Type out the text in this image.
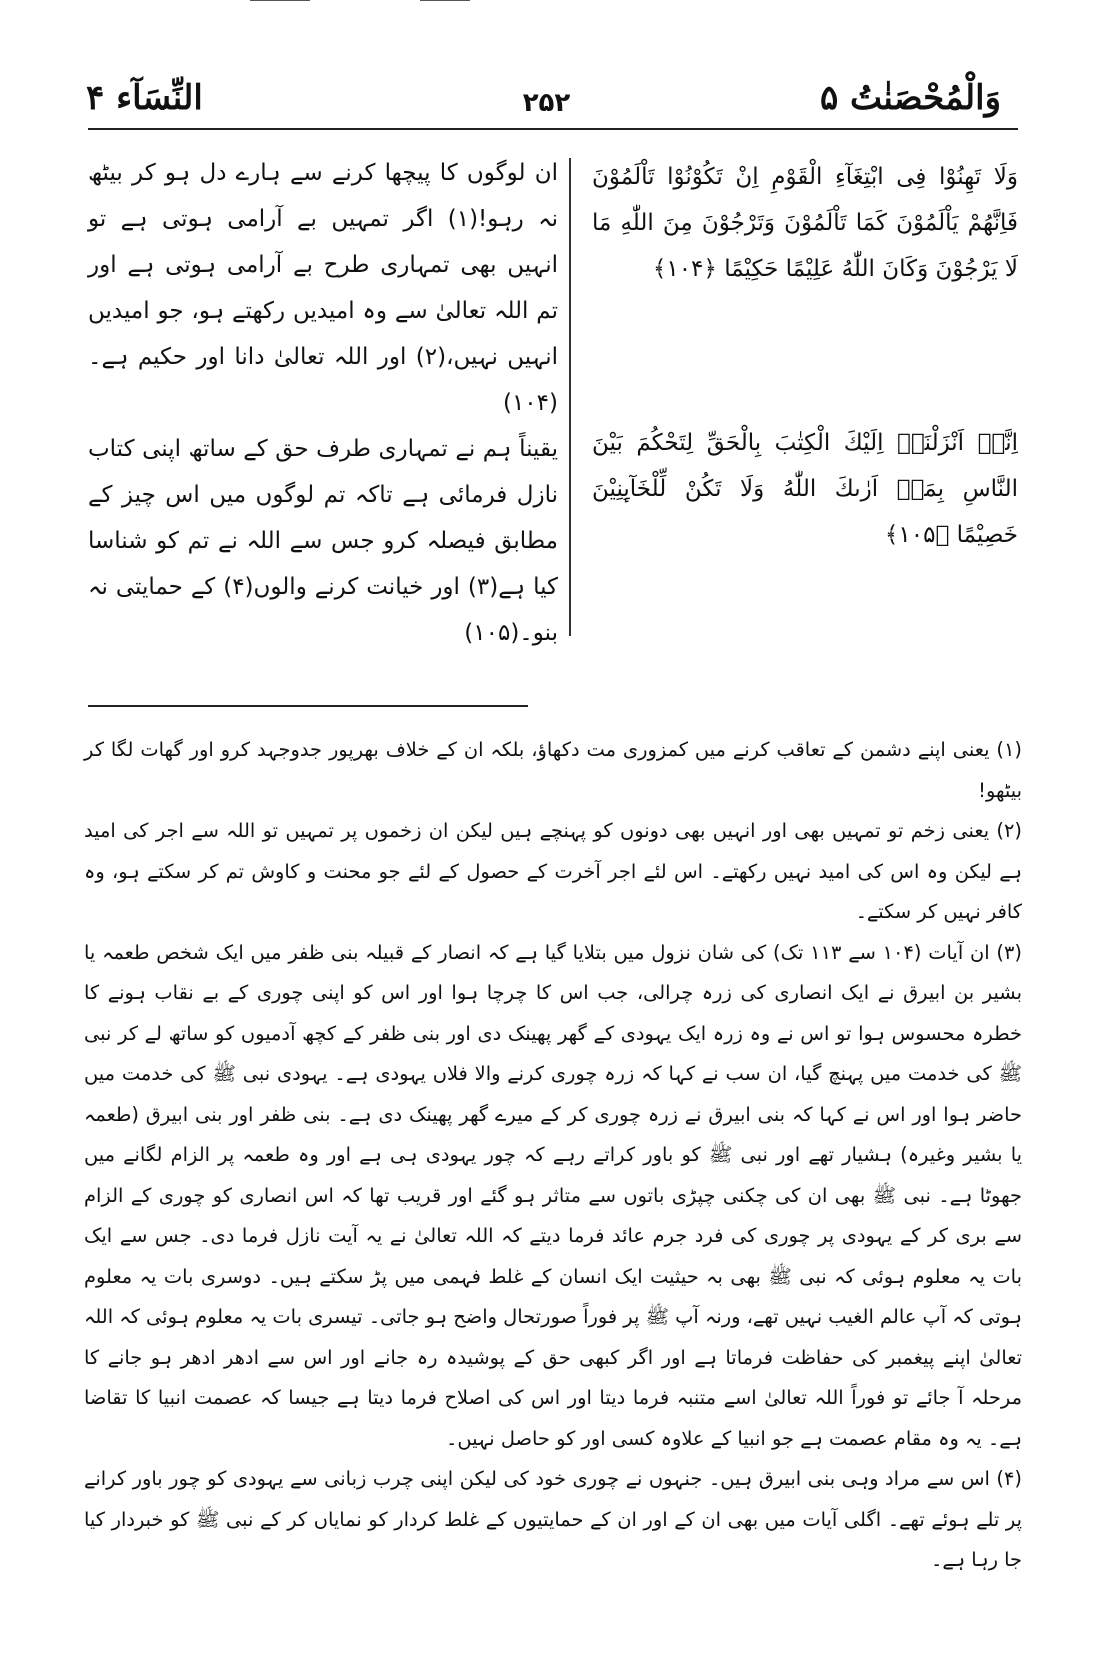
وَالْمُحْصَنٰتُ ۵
۲۵۲
النِّسَآء ۴
وَلَا تَهِنُوْا فِی ابْتِغَآءِ الْقَوْمِ اِنْ تَكُوْنُوْا تَاْلَمُوْنَ فَاِنَّهُمْ یَاْلَمُوْنَ كَمَا تَاْلَمُوْنَ وَتَرْجُوْنَ مِنَ اللّٰهِ مَا لَا یَرْجُوْنَ وَكَانَ اللّٰهُ عَلِیْمًا حَكِیْمًا ﴿۱۰۴﴾
اِنَّاۤ اَنْزَلْنَاۤ اِلَیْكَ الْكِتٰبَ بِالْحَقِّ لِتَحْكُمَ بَیْنَ النَّاسِ بِمَاۤ اَرٰىكَ اللّٰهُ وَلَا تَكُنْ لِّلْخَآىِٕنِیْنَ خَصِیْمًا ﴿۱۰۵﴾

ان لوگوں کا پیچھا کرنے سے ہارے دل ہو کر بیٹھ نہ رہو!(۱) اگر تمہیں بے آرامی ہوتی ہے تو انہیں بھی تمہاری طرح بے آرامی ہوتی ہے اور تم اللہ تعالیٰ سے وہ امیدیں رکھتے ہو، جو امیدیں انہیں نہیں،(۲) اور اللہ تعالیٰ دانا اور حکیم ہے۔(۱۰۴)

یقیناً ہم نے تمہاری طرف حق کے ساتھ اپنی کتاب نازل فرمائی ہے تاکہ تم لوگوں میں اس چیز کے مطابق فیصلہ کرو جس سے اللہ نے تم کو شناسا کیا ہے(۳) اور خیانت کرنے والوں(۴) کے حمایتی نہ بنو۔(۱۰۵)

(۱) یعنی اپنے دشمن کے تعاقب کرنے میں کمزوری مت دکھاؤ، بلکہ ان کے خلاف بھرپور جدوجہد کرو اور گھات لگا کر بیٹھو!

(۲) یعنی زخم تو تمہیں بھی اور انہیں بھی دونوں کو پہنچے ہیں لیکن ان زخموں پر تمہیں تو اللہ سے اجر کی امید ہے لیکن وہ اس کی امید نہیں رکھتے۔ اس لئے اجر آخرت کے حصول کے لئے جو محنت و کاوش تم کر سکتے ہو، وہ کافر نہیں کر سکتے۔

(۳) ان آیات (۱۰۴ سے ۱۱۳ تک) کی شان نزول میں بتلایا گیا ہے کہ انصار کے قبیلہ بنی ظفر میں ایک شخص طعمہ یا بشیر بن ابیرق نے ایک انصاری کی زرہ چرالی، جب اس کا چرچا ہوا اور اس کو اپنی چوری کے بے نقاب ہونے کا خطرہ محسوس ہوا تو اس نے وہ زرہ ایک یہودی کے گھر پھینک دی اور بنی ظفر کے کچھ آدمیوں کو ساتھ لے کر نبی ﷺ کی خدمت میں پہنچ گیا، ان سب نے کہا کہ زرہ چوری کرنے والا فلاں یہودی ہے۔ یہودی نبی ﷺ کی خدمت میں حاضر ہوا اور اس نے کہا کہ بنی ابیرق نے زرہ چوری کر کے میرے گھر پھینک دی ہے۔ بنی ظفر اور بنی ابیرق (طعمہ یا بشیر وغیرہ) ہشیار تھے اور نبی ﷺ کو باور کراتے رہے کہ چور یہودی ہی ہے اور وہ طعمہ پر الزام لگانے میں جھوٹا ہے۔ نبی ﷺ بھی ان کی چکنی چپڑی باتوں سے متاثر ہو گئے اور قریب تھا کہ اس انصاری کو چوری کے الزام سے بری کر کے یہودی پر چوری کی فرد جرم عائد فرما دیتے کہ اللہ تعالیٰ نے یہ آیت نازل فرما دی۔ جس سے ایک بات یہ معلوم ہوئی کہ نبی ﷺ بھی بہ حیثیت ایک انسان کے غلط فہمی میں پڑ سکتے ہیں۔ دوسری بات یہ معلوم ہوتی کہ آپ عالم الغیب نہیں تھے، ورنہ آپ ﷺ پر فوراً صورتحال واضح ہو جاتی۔ تیسری بات یہ معلوم ہوئی کہ اللہ تعالیٰ اپنے پیغمبر کی حفاظت فرماتا ہے اور اگر کبھی حق کے پوشیدہ رہ جانے اور اس سے ادھر ادھر ہو جانے کا مرحلہ آ جائے تو فوراً اللہ تعالیٰ اسے متنبہ فرما دیتا اور اس کی اصلاح فرما دیتا ہے جیسا کہ عصمت انبیا کا تقاضا ہے۔ یہ وہ مقام عصمت ہے جو انبیا کے علاوہ کسی اور کو حاصل نہیں۔

(۴) اس سے مراد وہی بنی ابیرق ہیں۔ جنہوں نے چوری خود کی لیکن اپنی چرب زبانی سے یہودی کو چور باور کرانے پر تلے ہوئے تھے۔ اگلی آیات میں بھی ان کے اور ان کے حمایتیوں کے غلط کردار کو نمایاں کر کے نبی ﷺ کو خبردار کیا جا رہا ہے۔
